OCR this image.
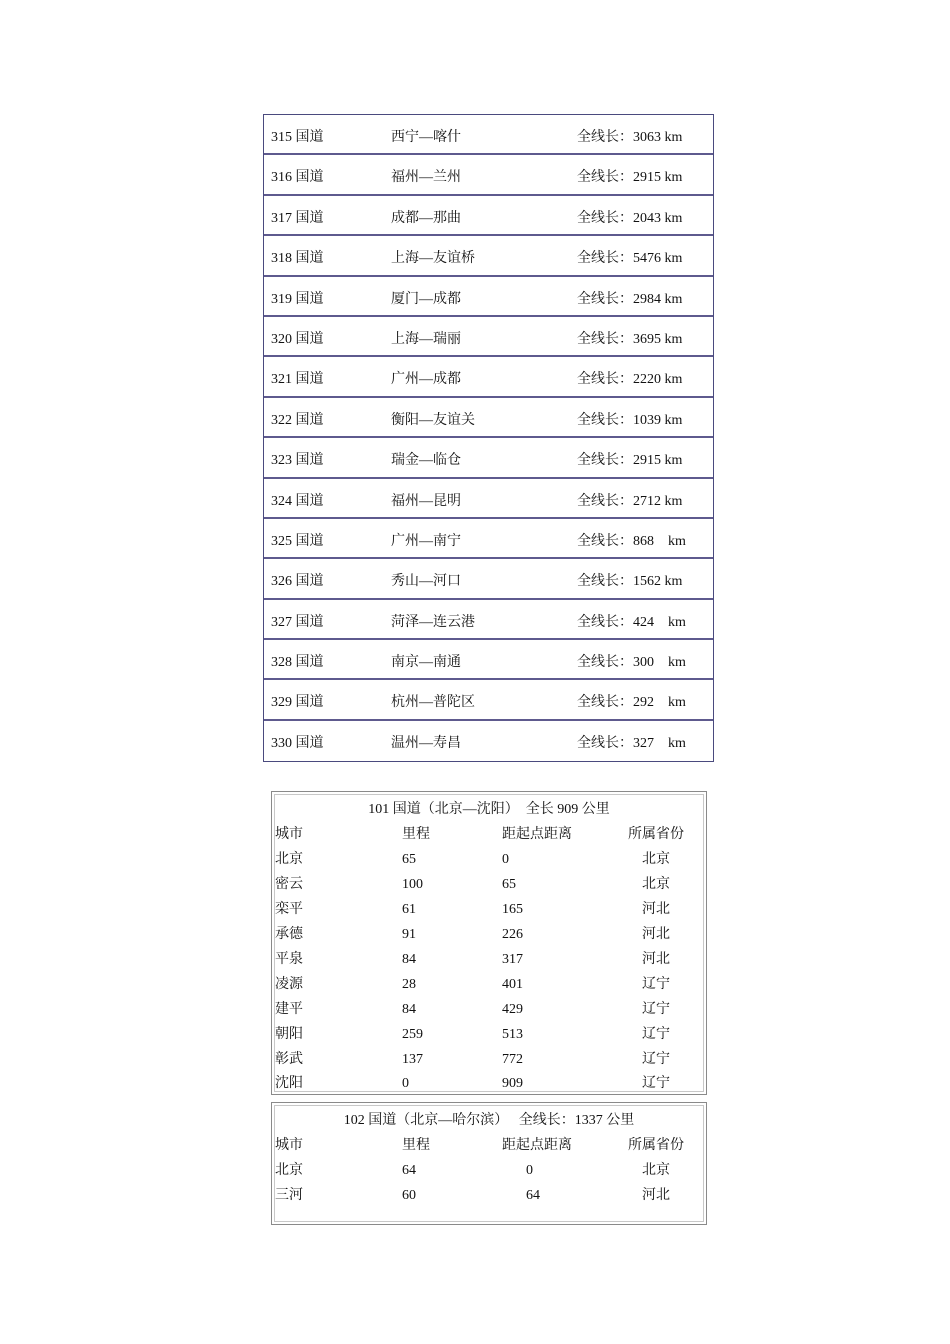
315 国道	西宁—喀什	全线长：3063 km
316 国道	福州—兰州	全线长：2915 km
317 国道	成都—那曲	全线长：2043 km
318 国道	上海—友谊桥	全线长：5476 km
319 国道	厦门—成都	全线长：2984 km
320 国道	上海—瑞丽	全线长：3695 km
321 国道	广州—成都	全线长：2220 km
322 国道	衡阳—友谊关	全线长：1039 km
323 国道	瑞金—临仓	全线长：2915 km
324 国道	福州—昆明	全线长：2712 km
325 国道	广州—南宁	全线长：868    km
326 国道	秀山—河口	全线长：1562 km
327 国道	菏泽—连云港	全线长：424    km
328 国道	南京—南通	全线长：300    km
329 国道	杭州—普陀区	全线长：292    km
330 国道	温州—寿昌	全线长：327    km
101 国道（北京—沈阳）  全长 909 公里
城市	里程	距起点距离	所属省份
北京	65	0	北京
密云	100	65	北京
栾平	61	165	河北
承德	91	226	河北
平泉	84	317	河北
凌源	28	401	辽宁
建平	84	429	辽宁
朝阳	259	513	辽宁
彰武	137	772	辽宁
沈阳	0	909	辽宁
102 国道（北京—哈尔滨）   全线长：1337 公里
城市	里程	距起点距离	所属省份
北京	64	0	北京
三河	60	64	河北
